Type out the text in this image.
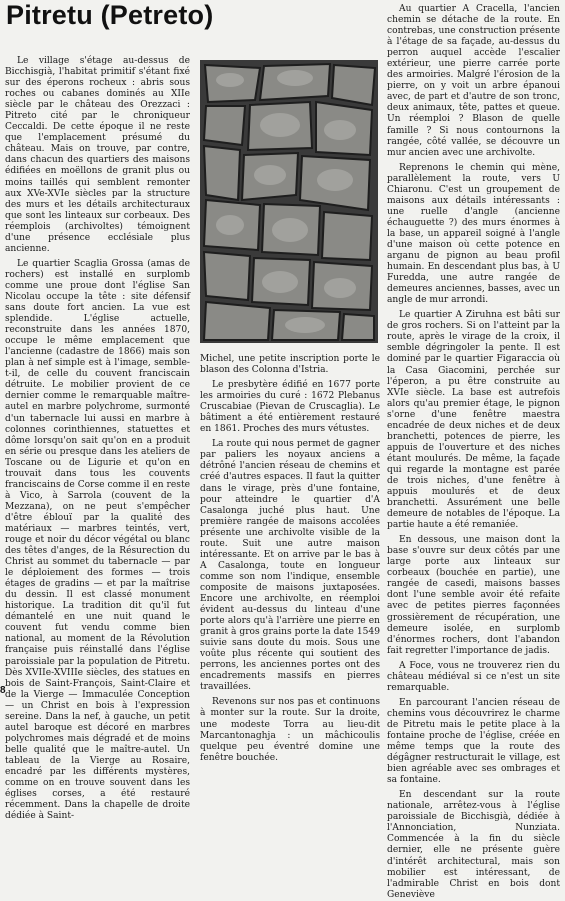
Pitretu (Petreto)

Le village s'étage au-dessus de Bicchisgià, l'habitat primitif s'étant fixé sur des éperons rocheux : abris sous roches ou cabanes dominés au XIIe siècle par le château des Orezzaci : Pitreto cité par le chroniqueur Ceccaldi. De cette époque il ne reste que l'emplacement présumé du château. Mais on trouve, par contre, dans chacun des quartiers des maisons édifiées en moëllons de granit plus ou moins taillés qui semblent remonter aux XVe-XVIe siècles par la structure des murs et les détails architecturaux que sont les linteaux sur corbeaux. Des réemplois (archivoltes) témoignent d'une présence ecclésiale plus ancienne.

Le quartier Scaglia Grossa (amas de rochers) est installé en surplomb comme une proue dont l'église San Nicolau occupe la tête : site défensif sans doute fort ancien. La vue est splendide. L'église actuelle, reconstruite dans les années 1870, occupe le même emplacement que l'ancienne (cadastre de 1866) mais son plan à nef simple est à l'image, semble-t-il, de celle du couvent franciscain détruite. Le mobilier provient de ce dernier comme le remarquable maître-autel en marbre polychrome, surmonté d'un tabernacle lui aussi en marbre à colonnes corinthiennes, statuettes et dôme lorsqu'on sait qu'on en a produit en série ou presque dans les ateliers de Toscane ou de Ligurie et qu'on en trouvait dans tous les couvents franciscains de Corse comme il en reste à Vico, à Sarrola (couvent de la Mezzana), on ne peut s'empêcher d'être éblouï par la qualité des matériaux — marbres teintés, vert, rouge et noir du décor végétal ou blanc des têtes d'anges, de la Résurection du Christ au sommet du tabernacle — par le déploiement des formes — trois étages de gradins — et par la maîtrise du dessin. Il est classé monument historique. La tradition dit qu'il fut démantelé en une nuit quand le couvent fut vendu comme bien national, au moment de la Révolution française puis réinstallé dans l'église paroissiale par la population de Pitretu. Dès XVIIe-XVIIIe siècles, des statues en bois de Saint-François, Saint-Claire et de la Vierge — Immaculée Conception — un Christ en bois à l'expression sereine. Dans la nef, à gauche, un petit autel baroque est décoré en marbres polychromes mais dégradé et de moins belle qualité que le maître-autel. Un tableau de la Vierge au Rosaire, encadré par les différents mystères, comme on en trouve souvent dans les églises corses, a été restauré récemment. Dans la chapelle de droite dédiée à Saint-

Michel, une petite inscription porte le blason des Colonna d'Istria.

Le presbytère édifié en 1677 porte les armoiries du curé : 1672 Plebanus Cruscabiae (Pievan de Cruscaglia). Le bâtiment a été entièrement restauré en 1861. Proches des murs vétustes.

La route qui nous permet de gagner par paliers les noyaux anciens a détrôné l'ancien réseau de chemins et créé d'autres espaces. Il faut la quitter dans le virage, près d'une fontaine, pour atteindre le quartier d'A Casalonga juché plus haut. Une première rangée de maisons accolées présente une archivolte visible de la route. Suit une autre maison intéressante. Et on arrive par le bas à A Casalonga, toute en longueur comme son nom l'indique, ensemble composite de maisons juxtaposées. Encore une archivolte, en réemploi évident au-dessus du linteau d'une porte alors qu'à l'arrière une pierre en granit à gros grains porte la date 1549 suivie sans doute du mois. Sous une voûte plus récente qui soutient des perrons, les anciennes portes ont des encadrements massifs en pierres travaillées.

Revenons sur nos pas et continuons à monter sur la route. Sur la droite, une modeste Torra au lieu-dit Marcantonaghja : un mâchicoulis quelque peu éventré domine une fenêtre bouchée.

Au quartier A Cracella, l'ancien chemin se détache de la route. En contrebas, une construction présente à l'étage de sa façade, au-dessus du perron auquel accède l'escalier extérieur, une pierre carrée porte des armoiries. Malgré l'érosion de la pierre, on y voit un arbre épanoui avec, de part et d'autre de son tronc, deux animaux, tête, pattes et queue. Un réemploi ? Blason de quelle famille ? Si nous contournons la rangée, côté vallée, se découvre un mur ancien avec une archivolte.

Reprenons le chemin qui mène, parallèlement la route, vers U Chiaronu. C'est un groupement de maisons aux détails intéressants : une ruelle d'angle (ancienne échauguette ?) des murs énormes à la base, un appareil soigné à l'angle d'une maison où cette potence en arganu de pignon au beau profil humain. En descendant plus bas, à U Furedda, une autre rangée de demeures anciennes, basses, avec un angle de mur arrondi.

Le quartier A Ziruhna est bâti sur de gros rochers. Si on l'atteint par la route, après le virage de la croix, il semble dégringoler la pente. Il est dominé par le quartier Figaraccia où la Casa Giacomini, perchée sur l'éperon, a pu être construite au XVIe siècle. La base est autrefois alors qu'au premier étage, le pignon s'orne d'une fenêtre maestra encadrée de deux niches et de deux branchetti, potences de pierre, les appuis de l'ouverture et des niches étant moulurés. De même, la façade qui regarde la montagne est parée de trois niches, d'une fenêtre à appuis moulurés et de deux branchetti. Assurément une belle demeure de notables de l'époque. La partie haute a été remaniée.

En dessous, une maison dont la base s'ouvre sur deux côtés par une large porte aux linteaux sur corbeaux (bouchée en partie), une rangée de casedi, maisons basses dont l'une semble avoir été refaite avec de petites pierres façonnées grossièrement de récupération, une demeure isolée, en surplomb d'énormes rochers, dont l'abandon fait regretter l'importance de jadis.

A Foce, vous ne trouverez rien du château médiéval si ce n'est un site remarquable.

En parcourant l'ancien réseau de chemins vous découvrirez le charme de Pitretu mais le petite place à la fontaine proche de l'église, créée en même temps que la route des dégâgner restructurait le village, est bien agréable avec ses ombrages et sa fontaine.

En descendant sur la route nationale, arrêtez-vous à l'église paroissiale de Bicchisgià, dédiée à l'Annonciation, Nunziata. Commencée à la fin du siècle dernier, elle ne présente guère d'intérêt architectural, mais son mobilier est intéressant, de l'admirable Christ en bois dont Geneviève

8
